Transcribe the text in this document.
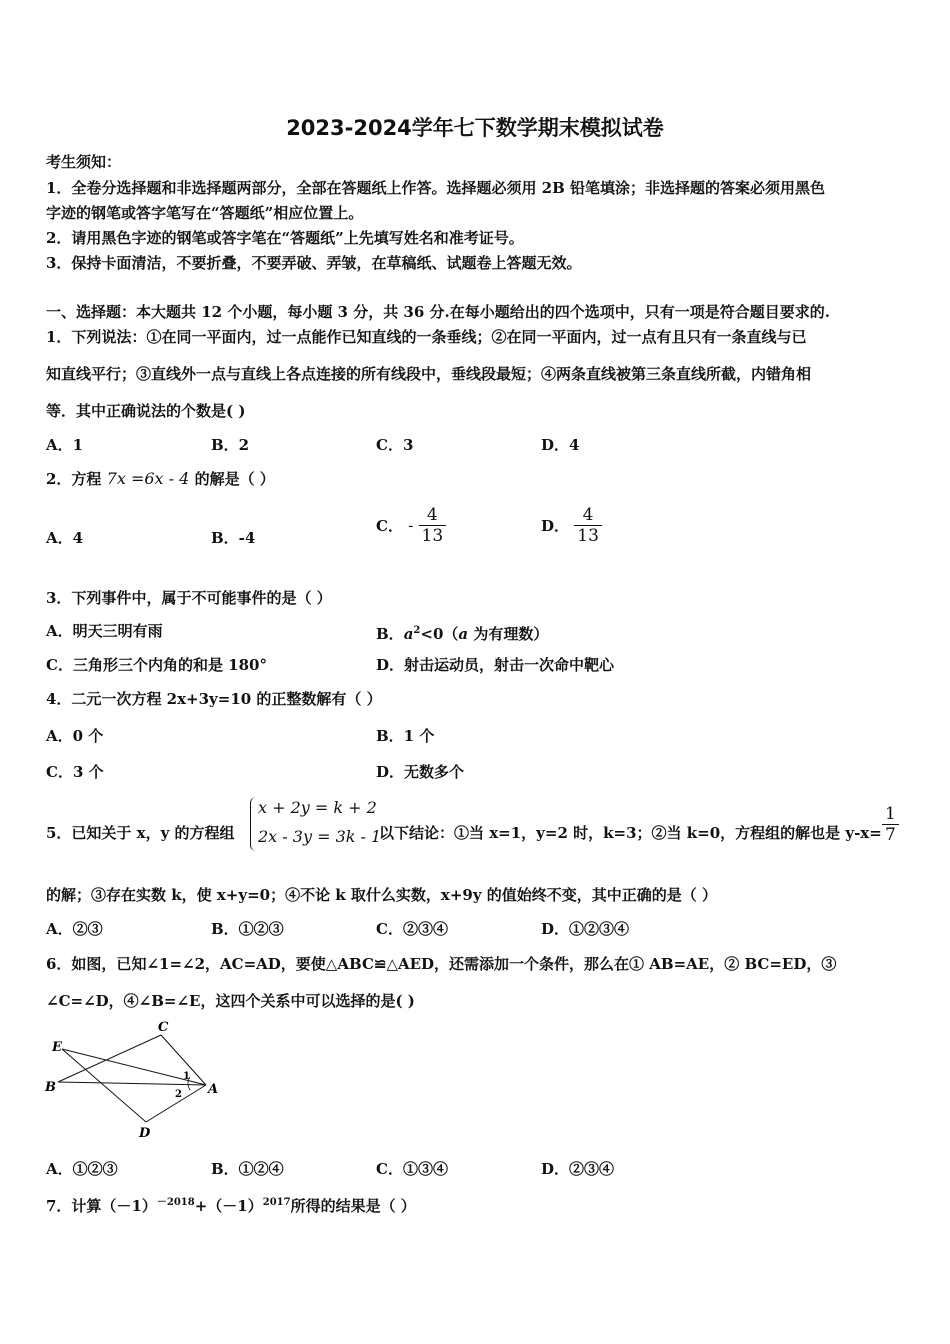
2023-2024学年七下数学期末模拟试卷
考生须知：
1．全卷分选择题和非选择题两部分，全部在答题纸上作答。选择题必须用 2B 铅笔填涂；非选择题的答案必须用黑色
字迹的钢笔或答字笔写在“答题纸”相应位置上。
2．请用黑色字迹的钢笔或答字笔在“答题纸”上先填写姓名和准考证号。
3．保持卡面清洁，不要折叠，不要弄破、弄皱，在草稿纸、试题卷上答题无效。
一、选择题：本大题共 12 个小题，每小题 3 分，共 36 分.在每小题给出的四个选项中，只有一项是符合题目要求的.
1．下列说法：①在同一平面内，过一点能作已知直线的一条垂线；②在同一平面内，过一点有且只有一条直线与已
知直线平行；③直线外一点与直线上各点连接的所有线段中，垂线段最短；④两条直线被第三条直线所截，内错角相
等．其中正确说法的个数是( )
A．1	B．2	C．3	D．4
2．方程 7x =6x - 4 的解是（ ）
A．4	B．-4
C． - $\frac{4}{13}$	D． $\frac{4}{13}$
3．下列事件中，属于不可能事件的是（ ）
A．明天三明有雨	B．$a^2<0(a$ 为有理数）
C．三角形三个内角的和是 180°	D．射击运动员，射击一次命中靶心
4．二元一次方程 2x+3y=10 的正整数解有（ ）
A．0 个	B．1 个
C．3 个	D．无数多个
5．已知关于 x，y 的方程组
x + 2y = k + 2
2x - 3y = 3k - 1
以下结论：①当 x=1，y=2 时，k=3；②当 k=0，方程组的解也是 $y-x= \frac{1}{7}$
的解；③存在实数 k，使 x+y=0；④不论 k 取什么实数，x+9y 的值始终不变，其中正确的是（ ）
A．②③	B．①②③	C．②③④	D．①②③④
6．如图，已知∠1=∠2，AC=AD，要使△ABC≌△AED，还需添加一个条件，那么在① AB=AE，② BC=ED，③
∠C=∠D，④∠B=∠E，这四个关系中可以选择的是( )
E
C
B	A
D
1
2
A．①②③	B．①②④	C．①③④	D．②③④
7．计算$(-1)^{-2018}+(-1)^{2017}$所得的结果是（ ）
